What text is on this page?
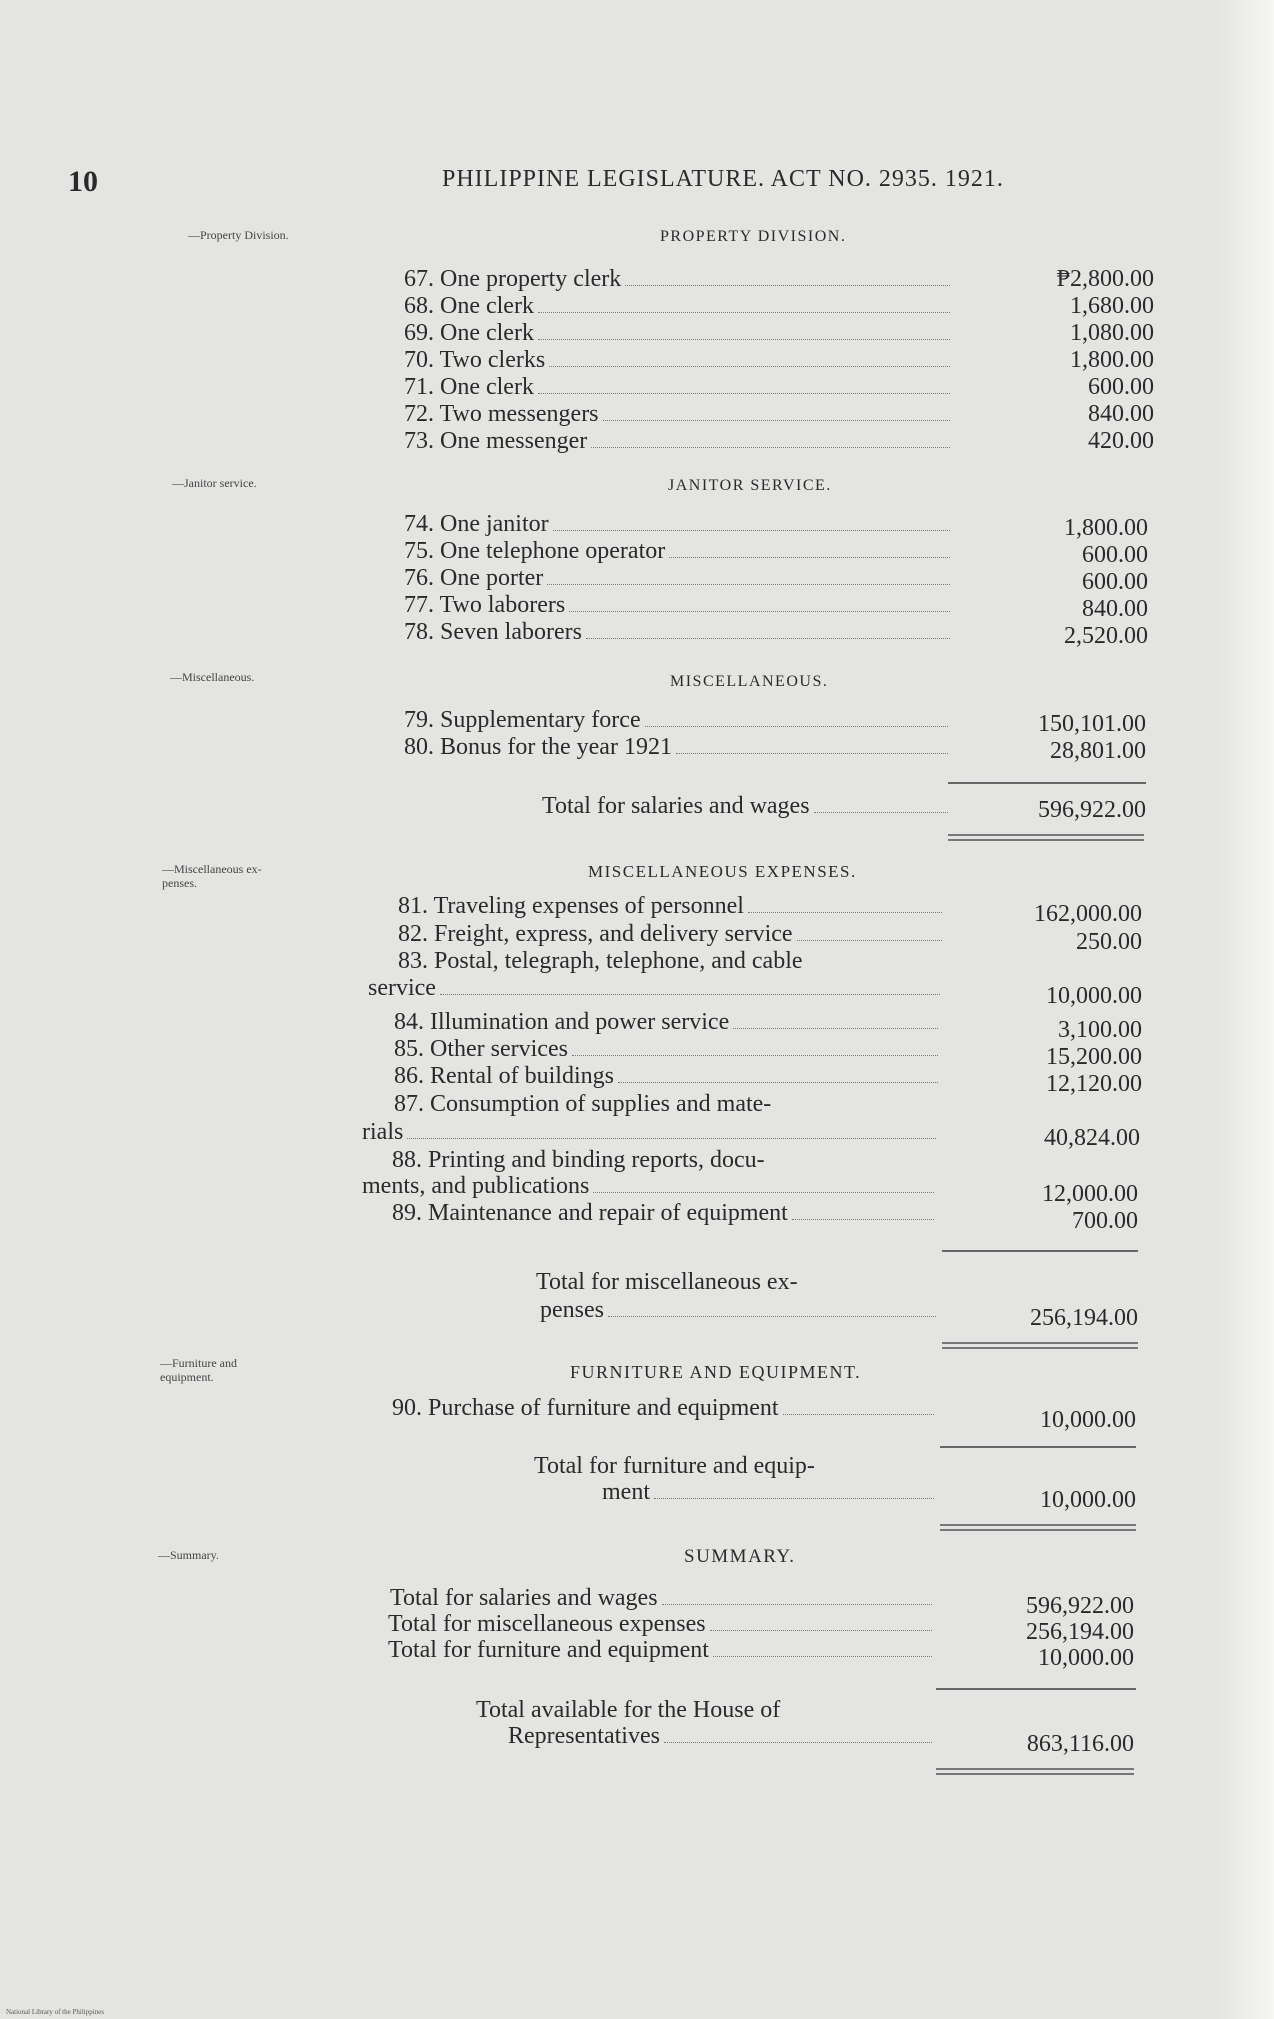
10	PHILIPPINE LEGISLATURE. ACT NO. 2935. 1921.
—Property Division.	PROPERTY DIVISION.
67. One property clerk	₱2,800.00
68. One clerk	1,680.00
69. One clerk	1,080.00
70. Two clerks	1,800.00
71. One clerk	600.00
72. Two messengers	840.00
73. One messenger	420.00
—Janitor service.	JANITOR SERVICE.
74. One janitor	1,800.00
75. One telephone operator	600.00
76. One porter	600.00
77. Two laborers	840.00
78. Seven laborers	2,520.00
—Miscellaneous.	MISCELLANEOUS.
79. Supplementary force	150,101.00
80. Bonus for the year 1921	28,801.00
Total for salaries and wages	596,922.00
—Miscellaneous ex-
penses.
MISCELLANEOUS EXPENSES.
81. Traveling expenses of personnel	162,000.00
82. Freight, express, and delivery service	250.00
83. Postal, telegraph, telephone, and cable
service	10,000.00
84. Illumination and power service	3,100.00
85. Other services	15,200.00
86. Rental of buildings	12,120.00
87. Consumption of supplies and mate-
rials	40,824.00
88. Printing and binding reports, docu-
ments, and publications	12,000.00
89. Maintenance and repair of equipment	700.00
Total for miscellaneous ex-
penses	256,194.00
—Furniture and
equipment.	FURNITURE AND EQUIPMENT.
90. Purchase of furniture and equipment	10,000.00
Total for furniture and equip-
ment	10,000.00
—Summary.	SUMMARY.
Total for salaries and wages	596,922.00
Total for miscellaneous expenses	256,194.00
Total for furniture and equipment	10,000.00
Total available for the House of
Representatives	863,116.00
National Library of the Philippines
